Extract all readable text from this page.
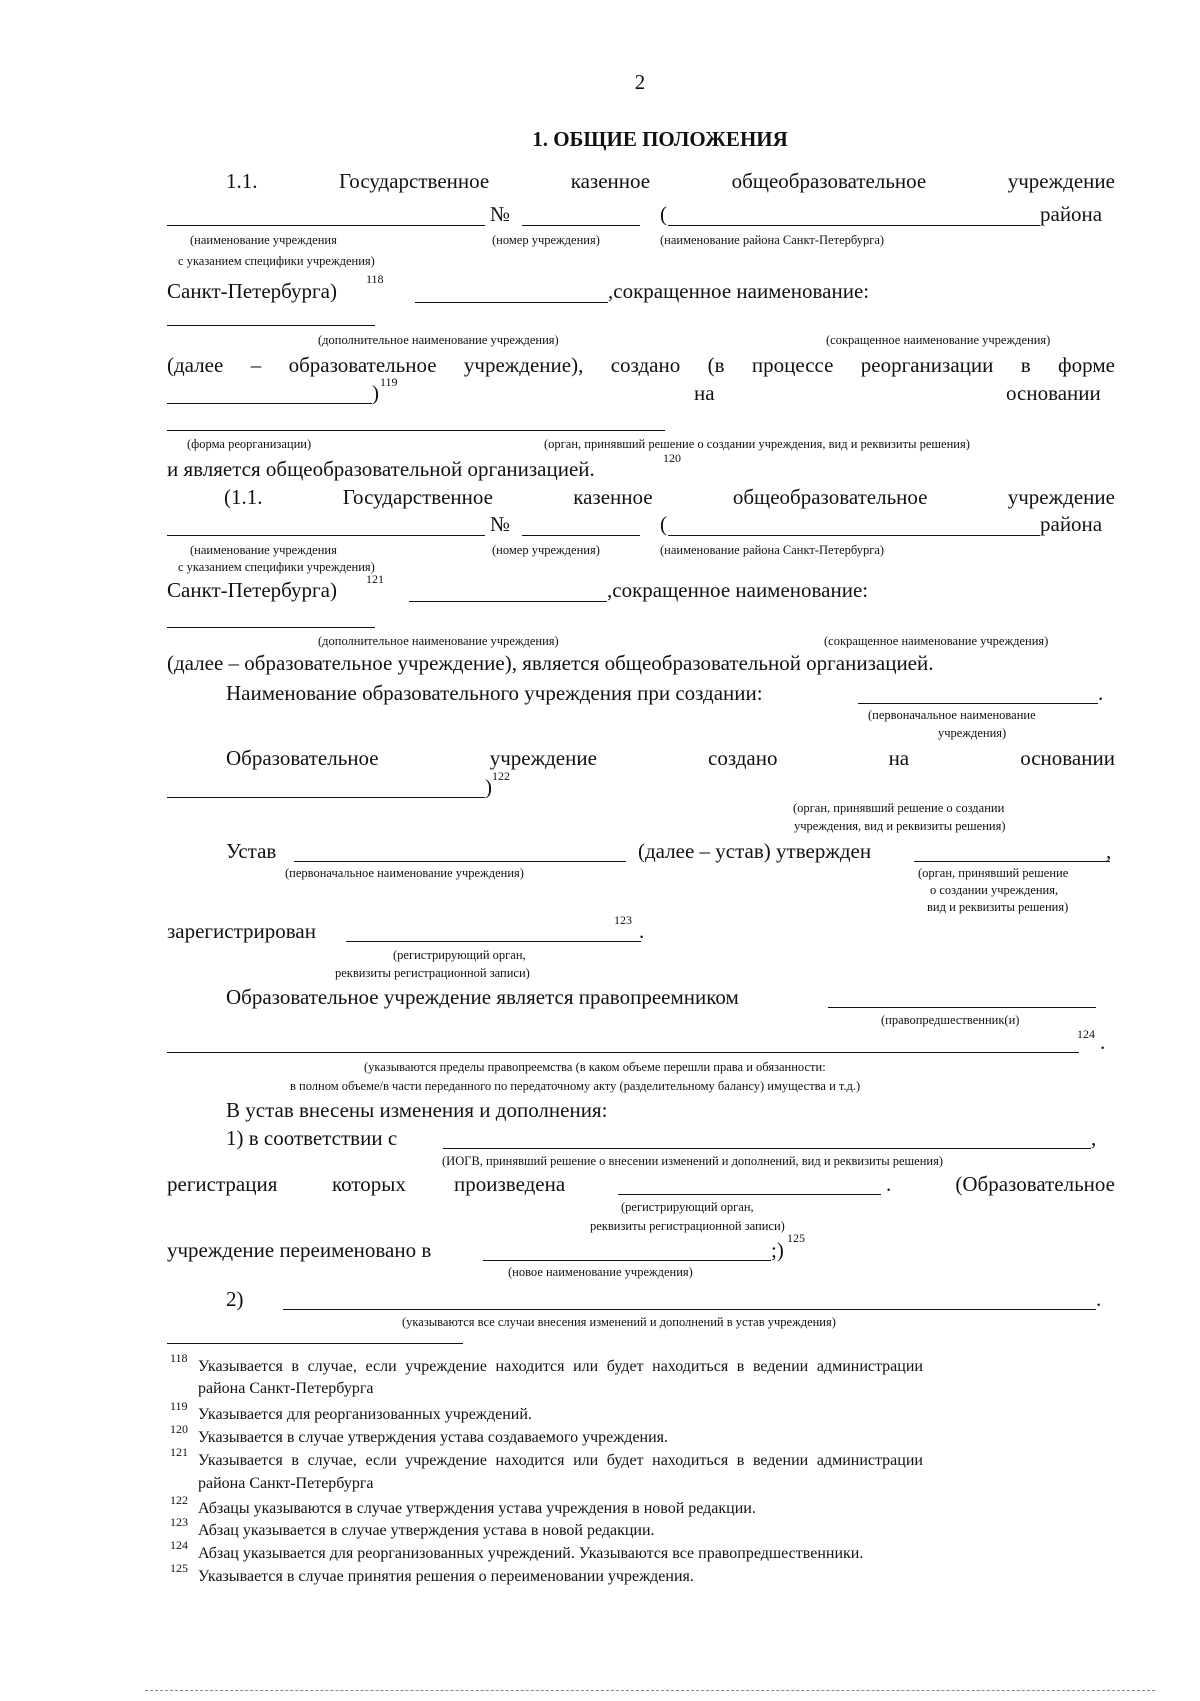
2
1. ОБЩИЕ ПОЛОЖЕНИЯ
1.1.	Государственное	казенное	общеобразовательное	учреждение
№	(	района
(наименование учреждения
с указанием специфики учреждения)
(номер учреждения)	(наименование района Санкт-Петербурга)
Санкт-Петербурга) 118	,сокращенное наименование:
(дополнительное наименование учреждения)	(сокращенное наименование учреждения)
(далее – образовательное учреждение), создано (в процессе реорганизации в форме
) 119	на	основании
(форма реорганизации)	(орган, принявший решение о создании учреждения, вид и реквизиты решения)
и является общеобразовательной организацией.	120
(1.1.	Государственное	казенное	общеобразовательное	учреждение
№	(	района
(наименование учреждения
с указанием специфики учреждения)
(номер учреждения)	(наименование района Санкт-Петербурга)
Санкт-Петербурга) 121	,сокращенное наименование:
(дополнительное наименование учреждения)	(сокращенное наименование учреждения)
(далее – образовательное учреждение), является общеобразовательной организацией.
Наименование образовательного учреждения при создании:	.
(первоначальное наименование
учреждения)
Образовательное	учреждение	создано	на	основании
) 122
(орган, принявший решение о создании
учреждения, вид и реквизиты решения)
Устав	(далее – устав) утвержден	,
(первоначальное наименование учреждения)	(орган, принявший решение
о создании учреждения,
вид и реквизиты решения)
зарегистрирован	123 .
(регистрирующий орган,
реквизиты регистрационной записи)
Образовательное учреждение является правопреемником
(правопредшественник(и)
124 .
(указываются пределы правопреемства (в каком объеме перешли права и обязанности:
в полном объеме/в части переданного по передаточному акту (разделительному балансу) имущества и т.д.)
В устав внесены изменения и дополнения:
1) в соответствии с	,
(ИОГВ, принявший решение о внесении изменений и дополнений, вид и реквизиты решения)
регистрация	которых произведена	.	(Образовательное
(регистрирующий орган,
реквизиты регистрационной записи)
учреждение переименовано в	;) 125
(новое наименование учреждения)
2)	.
(указываются все случаи внесения изменений и дополнений в устав учреждения)
118 Указывается в случае, если учреждение находится или будет находиться в ведении администрации
района Санкт-Петербурга
119 Указывается для реорганизованных учреждений.
120 Указывается в случае утверждения устава создаваемого учреждения.
121 Указывается в случае, если учреждение находится или будет находиться в ведении администрации
района Санкт-Петербурга
122 Абзацы указываются в случае утверждения устава учреждения в новой редакции.
123 Абзац указывается в случае утверждения устава в новой редакции.
124 Абзац указывается для реорганизованных учреждений. Указываются все правопредшественники.
125 Указывается в случае принятия решения о переименовании учреждения.
